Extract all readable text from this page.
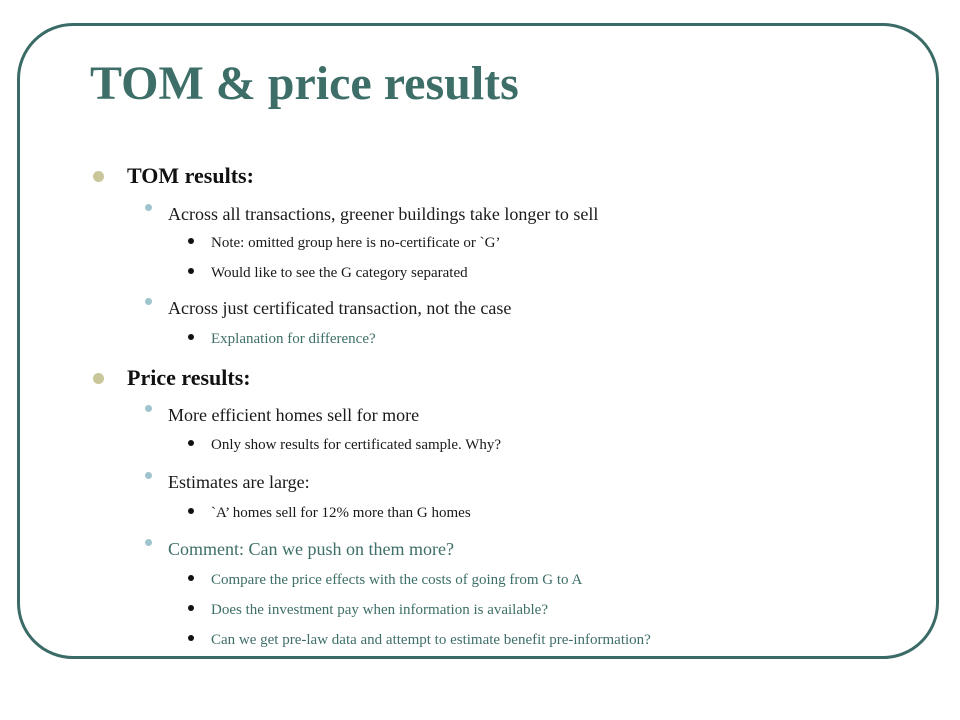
TOM & price results
TOM results:
Across all transactions, greener buildings take longer to sell
Note: omitted group here is no-certificate or `G’
Would like to see the G category separated
Across just certificated transaction, not the case
Explanation for difference?
Price results:
More efficient homes sell for more
Only show results for certificated sample. Why?
Estimates are large:
`A’ homes sell for 12% more than G homes
Comment: Can we push on them more?
Compare the price effects with the costs of going from G to A
Does the investment pay when information is available?
Can we get pre-law data and attempt to estimate benefit pre-information?
